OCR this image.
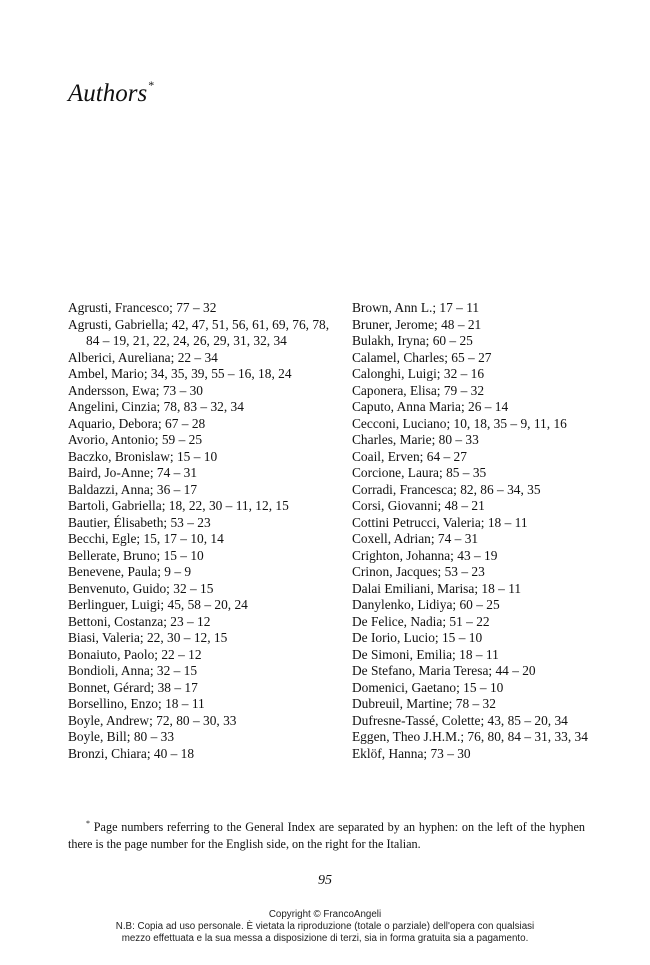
Authors*
Agrusti, Francesco; 77 – 32
Agrusti, Gabriella; 42, 47, 51, 56, 61, 69, 76, 78, 84 – 19, 21, 22, 24, 26, 29, 31, 32, 34
Alberici, Aureliana; 22 – 34
Ambel, Mario; 34, 35, 39, 55 – 16, 18, 24
Andersson, Ewa; 73 – 30
Angelini, Cinzia; 78, 83 – 32, 34
Aquario, Debora; 67 – 28
Avorio, Antonio; 59 – 25
Baczko, Bronislaw; 15 – 10
Baird, Jo-Anne; 74 – 31
Baldazzi, Anna; 36 – 17
Bartoli, Gabriella; 18, 22, 30 – 11, 12, 15
Bautier, Élisabeth; 53 – 23
Becchi, Egle; 15, 17 – 10, 14
Bellerate, Bruno; 15 – 10
Benevene, Paula; 9 – 9
Benvenuto, Guido; 32 – 15
Berlinguer, Luigi; 45, 58 – 20, 24
Bettoni, Costanza; 23 – 12
Biasi, Valeria; 22, 30 – 12, 15
Bonaiuto, Paolo; 22 – 12
Bondioli, Anna; 32 – 15
Bonnet, Gérard; 38 – 17
Borsellino, Enzo; 18 – 11
Boyle, Andrew; 72, 80 – 30, 33
Boyle, Bill; 80 – 33
Bronzi, Chiara; 40 – 18
Brown, Ann L.; 17 – 11
Bruner, Jerome; 48 – 21
Bulakh, Iryna; 60 – 25
Calamel, Charles; 65 – 27
Calonghi, Luigi; 32 – 16
Caponera, Elisa; 79 – 32
Caputo, Anna Maria; 26 – 14
Cecconi, Luciano; 10, 18, 35 – 9, 11, 16
Charles, Marie; 80 – 33
Coail, Erven; 64 – 27
Corcione, Laura; 85 – 35
Corradi, Francesca; 82, 86 – 34, 35
Corsi, Giovanni; 48 – 21
Cottini Petrucci, Valeria; 18 – 11
Coxell, Adrian; 74 – 31
Crighton, Johanna; 43 – 19
Crinon, Jacques; 53 – 23
Dalai Emiliani, Marisa; 18 – 11
Danylenko, Lidiya; 60 – 25
De Felice, Nadia; 51 – 22
De Iorio, Lucio; 15 – 10
De Simoni, Emilia; 18 – 11
De Stefano, Maria Teresa; 44 – 20
Domenici, Gaetano; 15 – 10
Dubreuil, Martine; 78 – 32
Dufresne-Tassé, Colette; 43, 85 – 20, 34
Eggen, Theo J.H.M.; 76, 80, 84 – 31, 33, 34
Eklöf, Hanna; 73 – 30

* Page numbers referring to the General Index are separated by an hyphen: on the left of the hyphen there is the page number for the English side, on the right for the Italian.

95
Copyright © FrancoAngeli
N.B: Copia ad uso personale. È vietata la riproduzione (totale o parziale) dell'opera con qualsiasi
mezzo effettuata e la sua messa a disposizione di terzi, sia in forma gratuita sia a pagamento.
